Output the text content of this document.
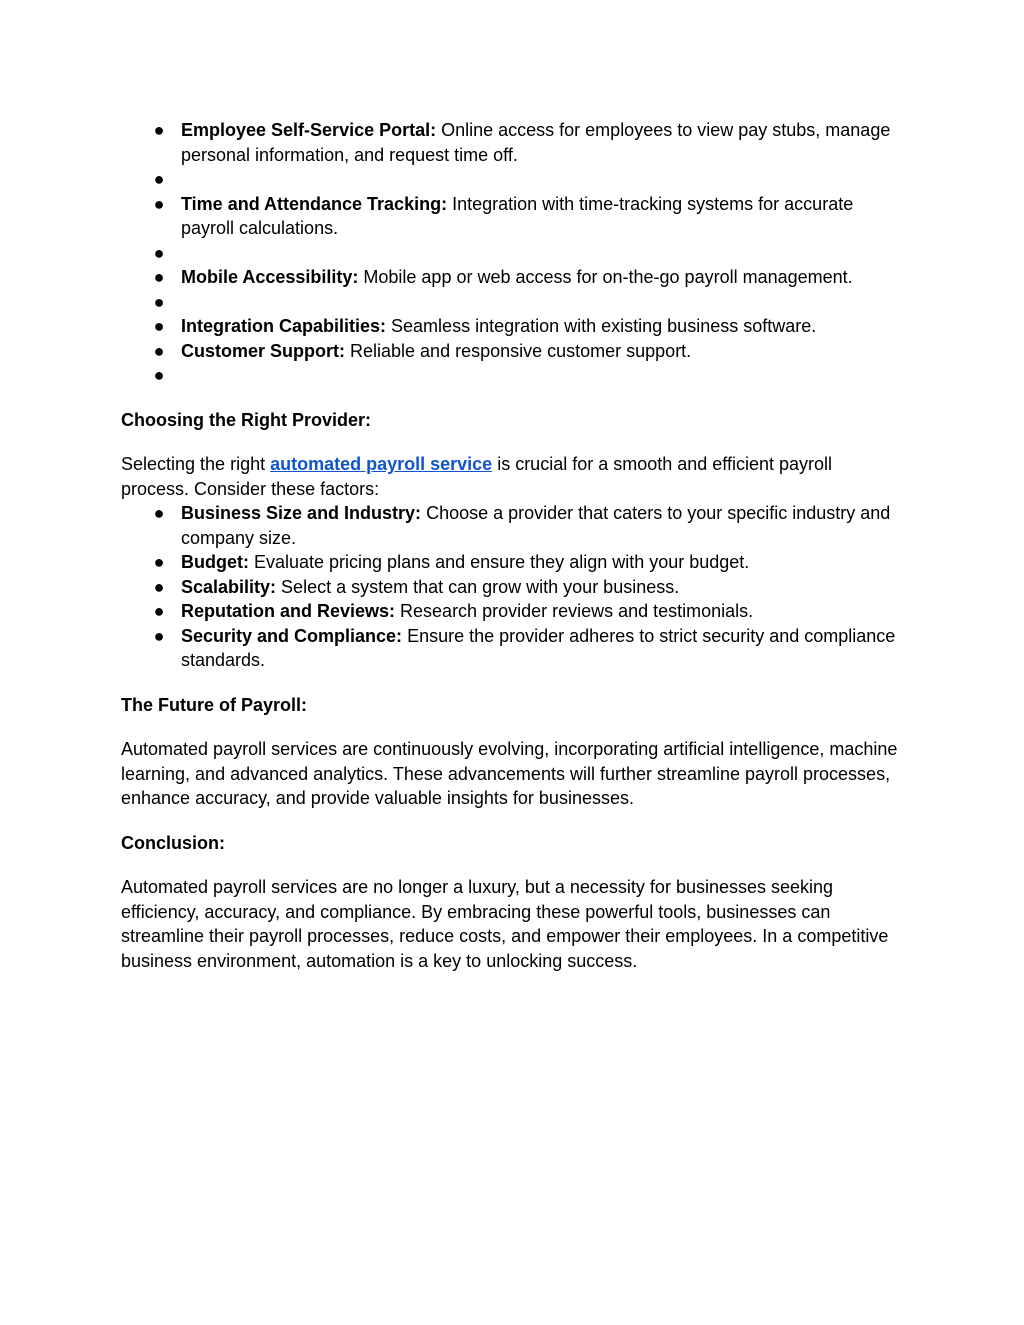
● Employee Self-Service Portal: Online access for employees to view pay stubs, manage personal information, and request time off.
●
● Time and Attendance Tracking: Integration with time-tracking systems for accurate payroll calculations.
●
● Mobile Accessibility: Mobile app or web access for on-the-go payroll management.
●
● Integration Capabilities: Seamless integration with existing business software.
● Customer Support: Reliable and responsive customer support.
●

Choosing the Right Provider:

Selecting the right automated payroll service is crucial for a smooth and efficient payroll process. Consider these factors:

● Business Size and Industry: Choose a provider that caters to your specific industry and company size.
● Budget: Evaluate pricing plans and ensure they align with your budget.
● Scalability: Select a system that can grow with your business.
● Reputation and Reviews: Research provider reviews and testimonials.
● Security and Compliance: Ensure the provider adheres to strict security and compliance standards.

The Future of Payroll:

Automated payroll services are continuously evolving, incorporating artificial intelligence, machine learning, and advanced analytics. These advancements will further streamline payroll processes, enhance accuracy, and provide valuable insights for businesses.

Conclusion:

Automated payroll services are no longer a luxury, but a necessity for businesses seeking efficiency, accuracy, and compliance. By embracing these powerful tools, businesses can streamline their payroll processes, reduce costs, and empower their employees. In a competitive business environment, automation is a key to unlocking success.
